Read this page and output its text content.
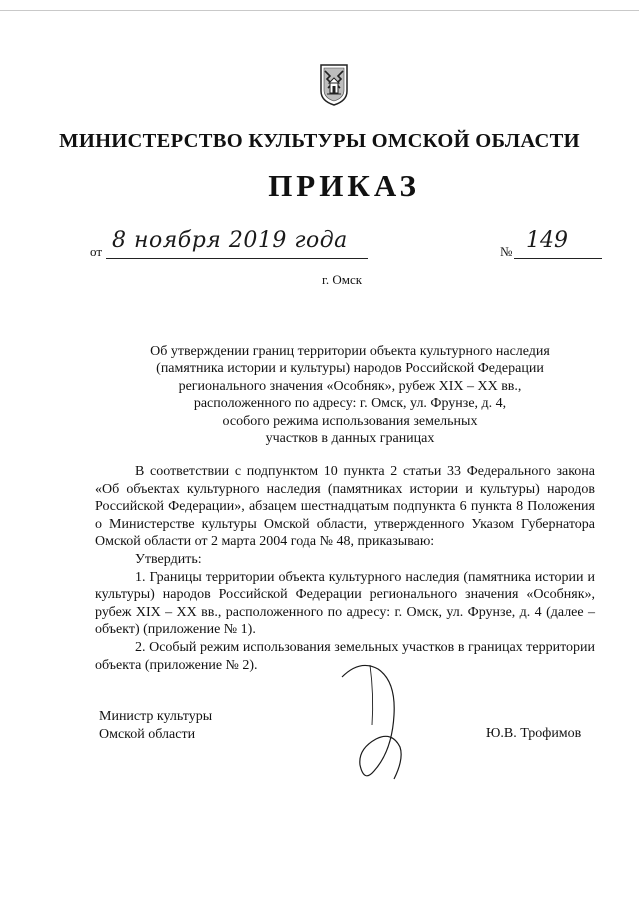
МИНИСТЕРСТВО КУЛЬТУРЫ ОМСКОЙ ОБЛАСТИ
ПРИКАЗ
от 8 ноября 2019 года	№ 149
г. Омск
Об утверждении границ территории объекта культурного наследия
(памятника истории и культуры) народов Российской Федерации
регионального значения «Особняк», рубеж XIX – XX вв.,
расположенного по адресу: г. Омск, ул. Фрунзе, д. 4,
особого режима использования земельных
участков в данных границах

В соответствии с подпунктом 10 пункта 2 статьи 33 Федерального закона «Об объектах культурного наследия (памятниках истории и культуры) народов Российской Федерации», абзацем шестнадцатым подпункта 6 пункта 8 Положения о Министерстве культуры Омской области, утвержденного Указом Губернатора Омской области от 2 марта 2004 года № 48, приказываю:

Утвердить:

1. Границы территории объекта культурного наследия (памятника истории и культуры) народов Российской Федерации регионального значения «Особняк», рубеж XIX – XX вв., расположенного по адресу: г. Омск, ул. Фрунзе, д. 4 (далее – объект) (приложение № 1).

2. Особый режим использования земельных участков в границах территории объекта (приложение № 2).

Министр культуры
Омской области	Ю.В. Трофимов
